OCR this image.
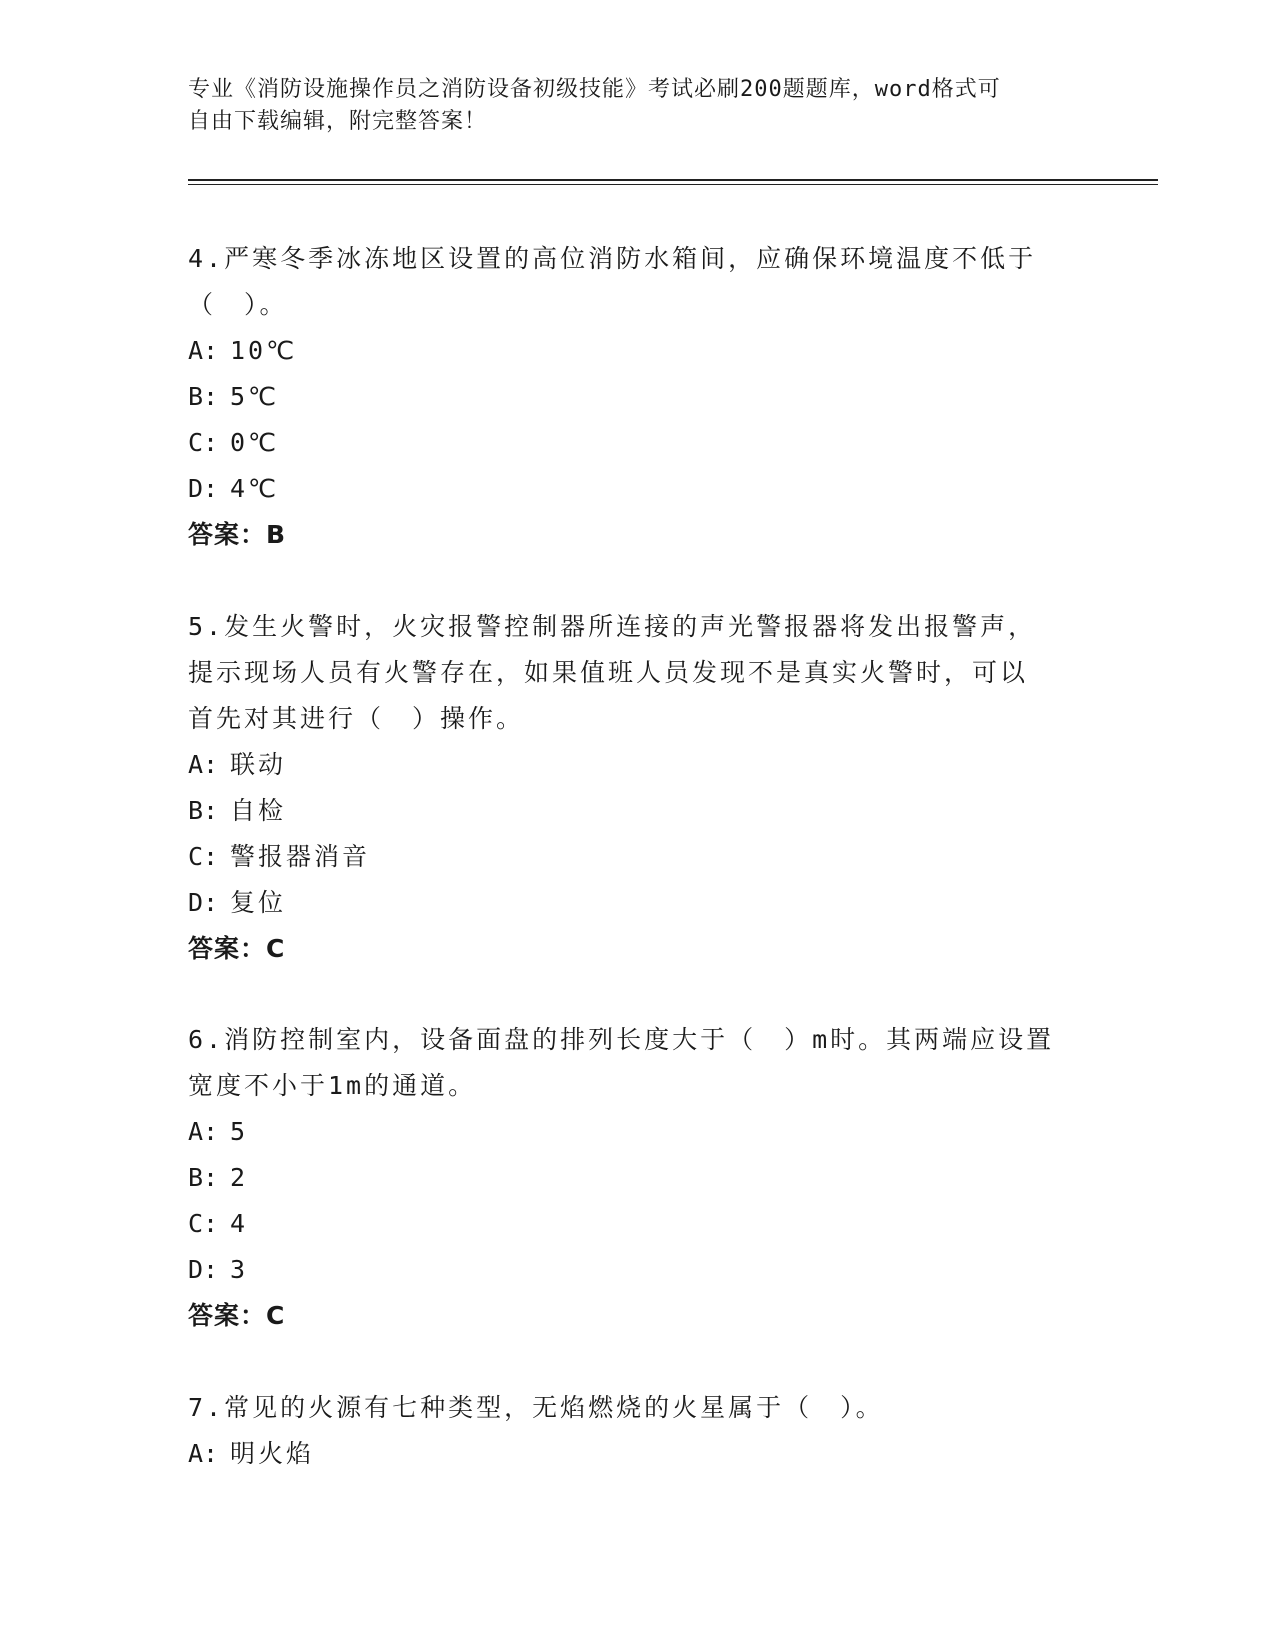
专业《消防设施操作员之消防设备初级技能》考试必刷200题题库，word格式可
自由下载编辑，附完整答案！

4.严寒冬季冰冻地区设置的高位消防水箱间，应确保环境温度不低于

（　）。

A: 10℃

B: 5℃

C: 0℃

D: 4℃

答案：B

5.发生火警时，火灾报警控制器所连接的声光警报器将发出报警声，

提示现场人员有火警存在，如果值班人员发现不是真实火警时，可以

首先对其进行（　）操作。

A: 联动

B: 自检

C: 警报器消音

D: 复位

答案：C

6.消防控制室内，设备面盘的排列长度大于（　）m时。其两端应设置

宽度不小于1m的通道。

A: 5

B: 2

C: 4

D: 3

答案：C

7.常见的火源有七种类型，无焰燃烧的火星属于（　）。

A: 明火焰
